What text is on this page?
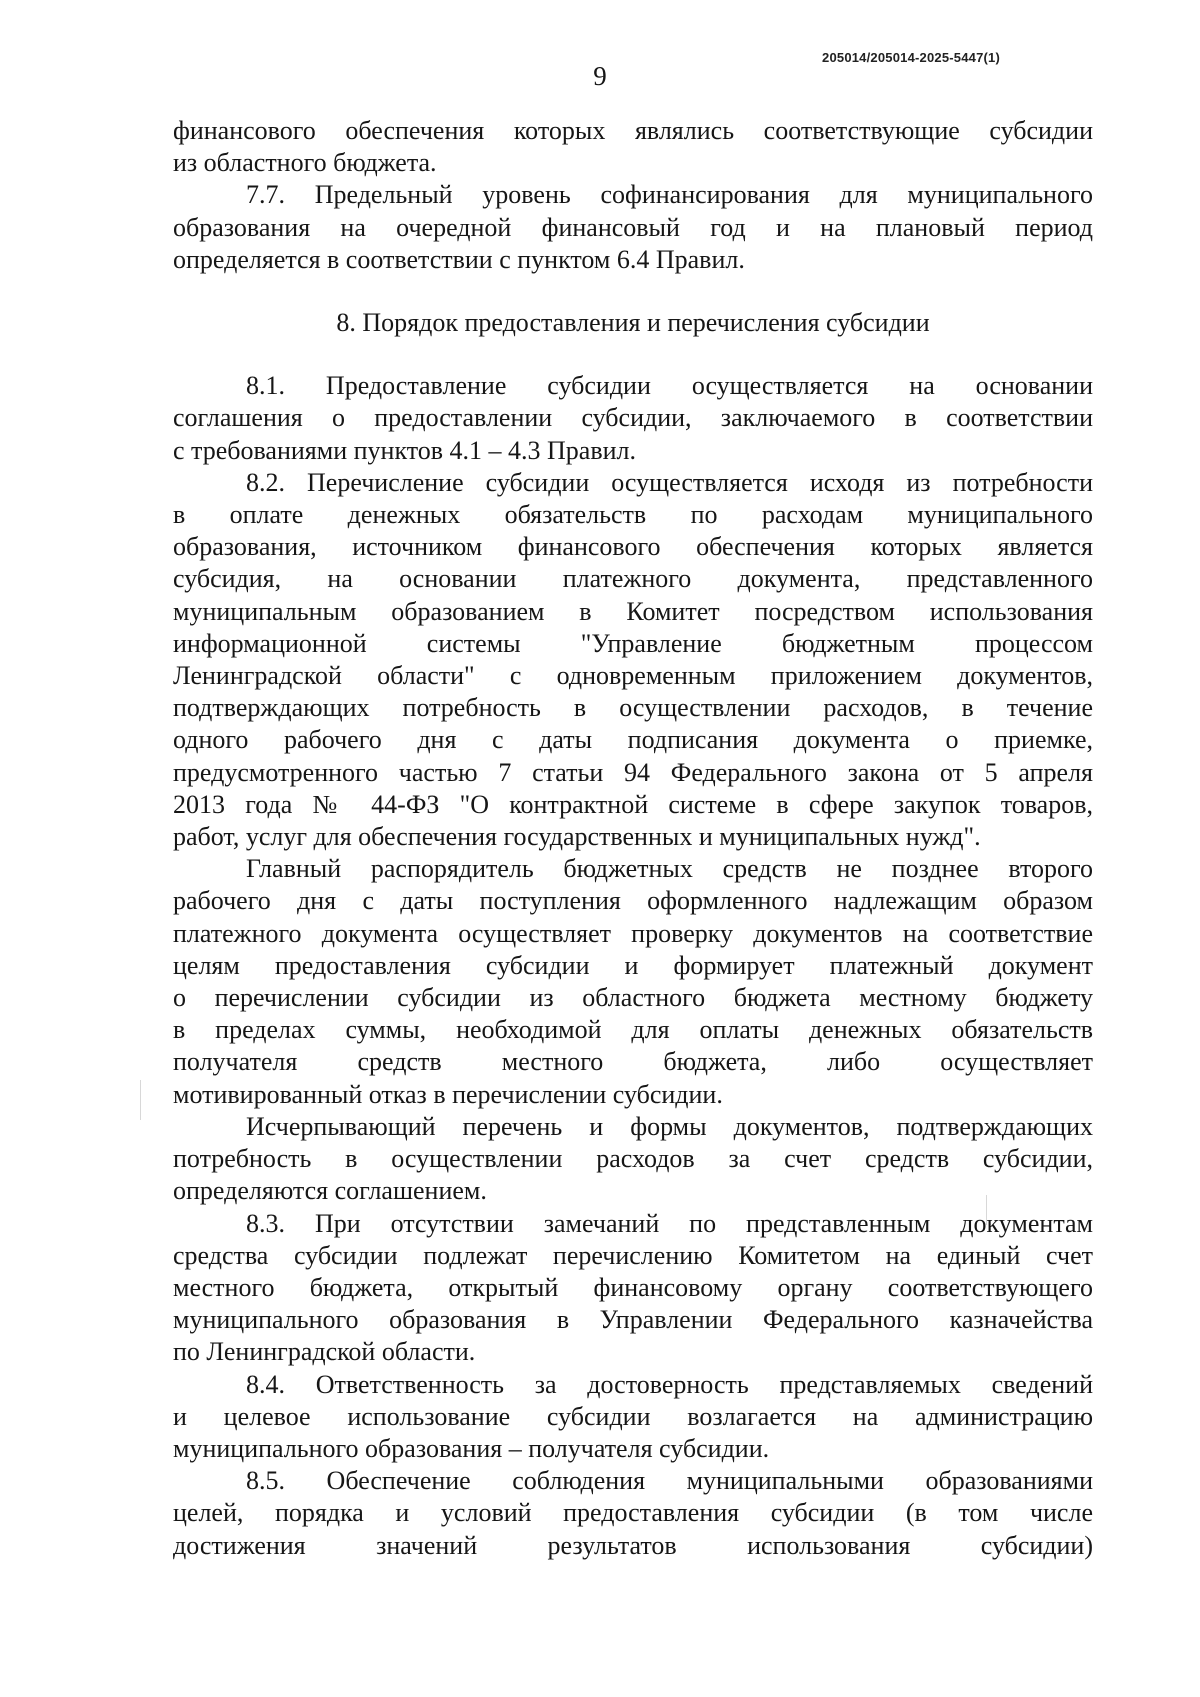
205014/205014-2025-5447(1)
9

финансового обеспечения которых являлись соответствующие субсидии

из областного бюджета.

7.7. Предельный уровень софинансирования для муниципального

образования на очередной финансовый год и на плановый период

определяется в соответствии с пунктом 6.4 Правил.

8. Порядок предоставления и перечисления субсидии

8.1. Предоставление субсидии осуществляется на основании

соглашения о предоставлении субсидии, заключаемого в соответствии

с требованиями пунктов 4.1 – 4.3 Правил.

8.2. Перечисление субсидии осуществляется исходя из потребности

в оплате денежных обязательств по расходам муниципального

образования, источником финансового обеспечения которых является

субсидия, на основании платежного документа, представленного

муниципальным образованием в Комитет посредством использования

информационной системы "Управление бюджетным процессом

Ленинградской области" с одновременным приложением документов,

подтверждающих потребность в осуществлении расходов, в течение

одного рабочего дня с даты подписания документа о приемке,

предусмотренного частью 7 статьи 94 Федерального закона от 5 апреля

2013 года № 44-ФЗ "О контрактной системе в сфере закупок товаров,

работ, услуг для обеспечения государственных и муниципальных нужд".

Главный распорядитель бюджетных средств не позднее второго

рабочего дня с даты поступления оформленного надлежащим образом

платежного документа осуществляет проверку документов на соответствие

целям предоставления субсидии и формирует платежный документ

о перечислении субсидии из областного бюджета местному бюджету

в пределах суммы, необходимой для оплаты денежных обязательств

получателя средств местного бюджета, либо осуществляет

мотивированный отказ в перечислении субсидии.

Исчерпывающий перечень и формы документов, подтверждающих

потребность в осуществлении расходов за счет средств субсидии,

определяются соглашением.

8.3. При отсутствии замечаний по представленным документам

средства субсидии подлежат перечислению Комитетом на единый счет

местного бюджета, открытый финансовому органу соответствующего

муниципального образования в Управлении Федерального казначейства

по Ленинградской области.

8.4. Ответственность за достоверность представляемых сведений

и целевое использование субсидии возлагается на администрацию

муниципального образования – получателя субсидии.

8.5. Обеспечение соблюдения муниципальными образованиями

целей, порядка и условий предоставления субсидии (в том числе

достижения значений результатов использования субсидии)
